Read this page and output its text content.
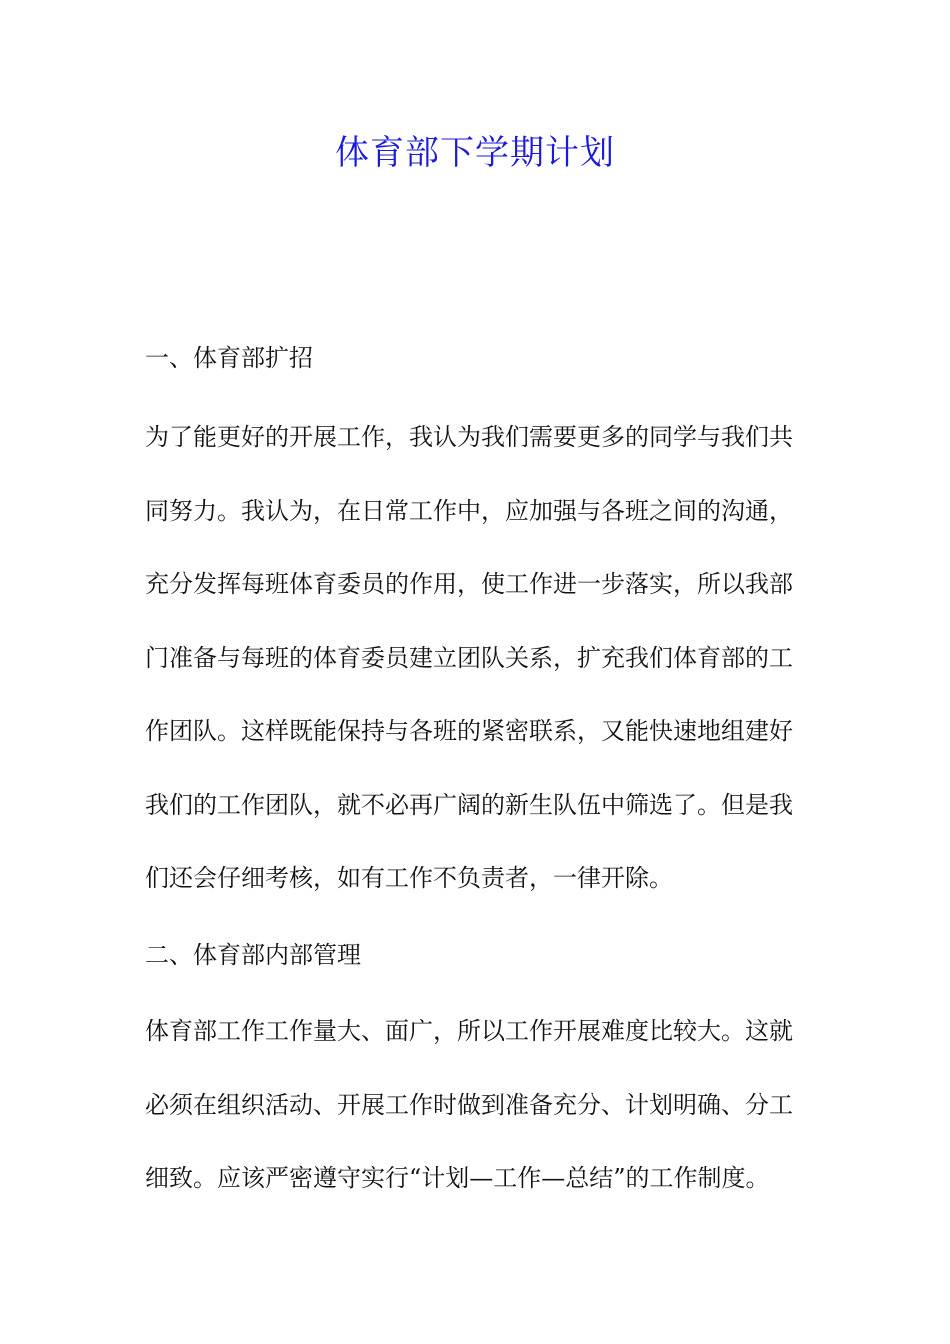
体育部下学期计划
一、体育部扩招
为了能更好的开展工作，我认为我们需要更多的同学与我们共
同努力。我认为，在日常工作中，应加强与各班之间的沟通，
充分发挥每班体育委员的作用，使工作进一步落实，所以我部
门准备与每班的体育委员建立团队关系，扩充我们体育部的工
作团队。这样既能保持与各班的紧密联系，又能快速地组建好
我们的工作团队，就不必再广阔的新生队伍中筛选了。但是我
们还会仔细考核，如有工作不负责者，一律开除。
二、体育部内部管理
体育部工作工作量大、面广，所以工作开展难度比较大。这就
必须在组织活动、开展工作时做到准备充分、计划明确、分工
细致。应该严密遵守实行“计划—工作—总结”的工作制度。
